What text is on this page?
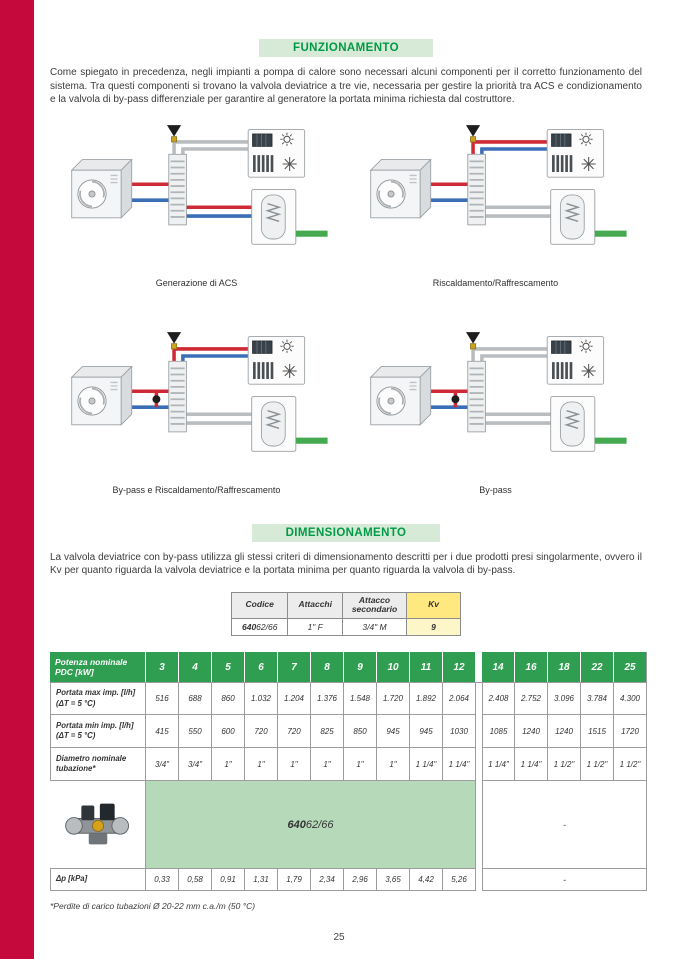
FUNZIONAMENTO

Come spiegato in precedenza, negli impianti a pompa di calore sono necessari alcuni componenti per il corretto funzionamento del sistema. Tra questi componenti si trovano la valvola deviatrice a tre vie, necessaria per gestire la priorità tra ACS e condizionamento e la valvola di by-pass differenziale per garantire al generatore la portata minima richiesta dal costruttore.

Generazione di ACS	Riscaldamento/Raffrescamento
By-pass e Riscaldamento/Raffrescamento	By-pass
DIMENSIONAMENTO

La valvola deviatrice con by-pass utilizza gli stessi criteri di dimensionamento descritti per i due prodotti presi singolarmente, ovvero il Kv per quanto riguarda la valvola deviatrice e la portata minima per quanto riguarda la valvola di by-pass.

Codice	Attacchi	Attacco secondario	Kv
64062/66	1" F	3/4" M	9
Potenza nominale PDC [kW]	3	4	5	6	7	8	9	10	11	12		14	16	18	22	25
Portata max imp. [l/h]
(ΔT = 5 °C)	516	688	860	1.032	1.204	1.376	1.548	1.720	1.892	2.064		2.408	2.752	3.096	3.784	4.300
Portata min imp. [l/h]
(ΔT = 5 °C)	415	550	600	720	720	825	850	945	945	1030		1085	1240	1240	1515	1720
Diametro nominale tubazione*	3/4"	3/4"	1"	1"	1"	1"	1"	1"	1 1/4"	1 1/4"		1 1/4"	1 1/4"	1 1/2"	1 1/2"	1 1/2"
	64062/66											-				
Δp [kPa]	0,33	0,58	0,91	1,31	1,79	2,34	2,96	3,65	4,42	5,26		-				

*Perdite di carico tubazioni Ø 20-22 mm c.a./m (50 °C)

25
